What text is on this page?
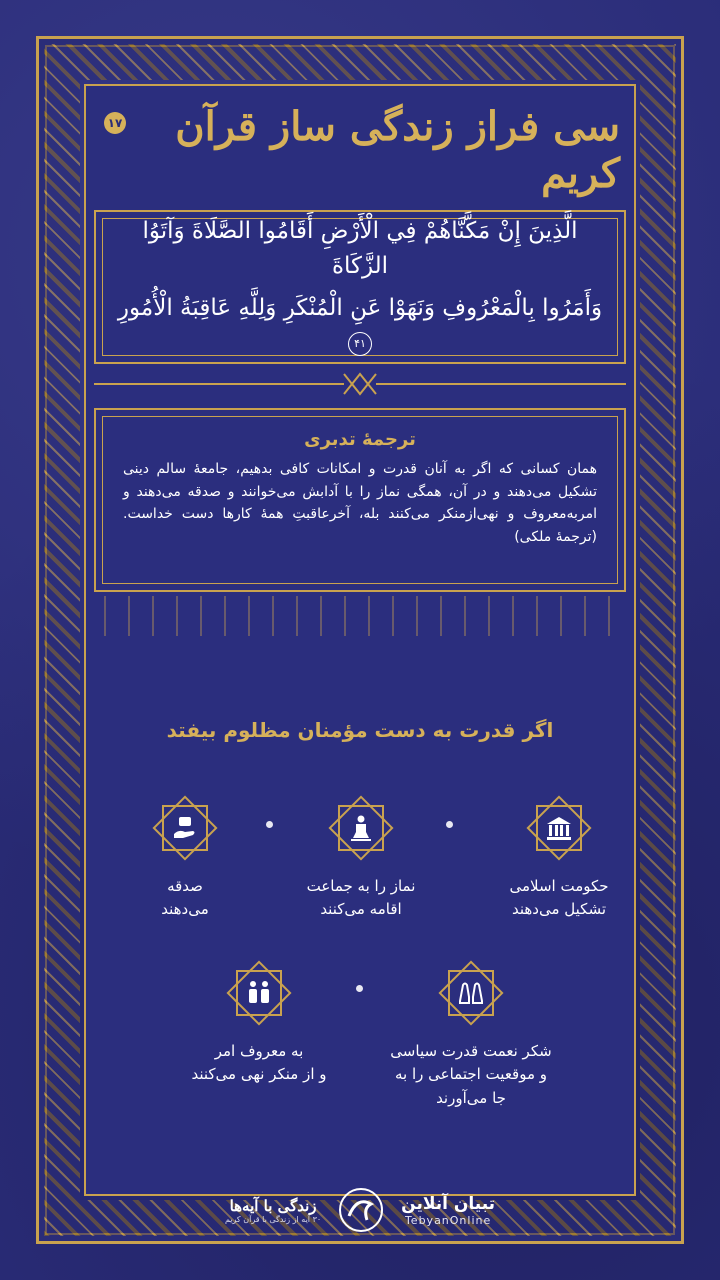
۱۷	سی فراز زندگی ساز قرآن کریم
الَّذِينَ إِنْ مَكَّنَّاهُمْ فِي الْأَرْضِ أَقَامُوا الصَّلَاةَ وَآتَوُا الزَّكَاةَ
وَأَمَرُوا بِالْمَعْرُوفِ وَنَهَوْا عَنِ الْمُنْكَرِ وَلِلَّهِ عَاقِبَةُ الْأُمُورِ ۴۱
ترجمهٔ تدبری
همان کسانی که اگر به آنان قدرت و امکانات کافی بدهیم، جامعهٔ سالم دینی تشکیل می‌دهند و در آن، همگی نماز را با آدابش می‌خوانند و صدقه می‌دهند و امربه‌معروف و نهی‌ازمنکر می‌کنند بله، آخرعاقبتِ همهٔ کارها دست خداست. (ترجمهٔ ملکی)
اگر قدرت به دست مؤمنان مظلوم بیفتد
حکومت اسلامی
تشکیل می‌دهند
نماز را به جماعت
اقامه می‌کنند
صدقه
می‌دهند
شکر نعمت قدرت سیاسی
و موقعیت اجتماعی را به
جا می‌آورند
به معروف امر
و از منکر نهی می‌کنند
زندگی با آیه‌ها
۳۰ آیه از زندگی با قرآن کریم
تبیان آنلاین
TebyanOnline
